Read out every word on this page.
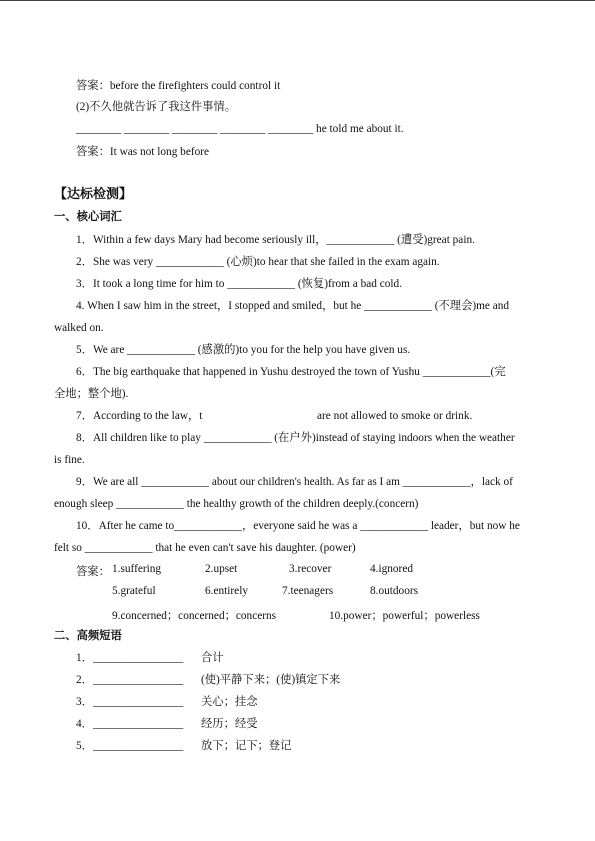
答案：before the firefighters could control it
(2)不久他就告诉了我这件事情。
________ ________ ________ ________ ________ he told me about it.
答案：It was not long before
【达标检测】
一、核心词汇
1．Within a few days Mary had become seriously ill，____________ (遭受)great pain.
2．She was very ____________ (心烦)to hear that she failed in the exam again.
3．It took a long time for him to ____________ (恢复)from a bad cold.
4. When I saw him in the street，I stopped and smiled，but he ____________ (不理会)me and
walked on.
5．We are ____________ (感激的)to you for the help you have given us.
6．The big earthquake that happened in Yushu destroyed the town of Yushu ____________(完
全地；整个地).
7．According to the law，t	are not allowed to smoke or drink.
8．All children like to play ____________ (在户外)instead of staying indoors when the weather
is fine.
9．We are all ____________ about our children's health. As far as I am ____________，lack of
enough sleep ____________ the healthy growth of the children deeply.(concern)
10．After he came to____________，everyone said he was a ____________ leader，but now he
felt so ____________ that he even can't save his daughter. (power)
答案： 1.suffering	2.upset	3.recover	4.ignored
5.grateful	6.entirely	7.teenagers	8.outdoors
9.concerned；concerned；concerns	10.power；powerful；powerless
二、高频短语
1．________________ 合计
2．________________ (使)平静下来；(使)镇定下来
3．________________ 关心；挂念
4．________________ 经历；经受
5．________________ 放下；记下；登记
